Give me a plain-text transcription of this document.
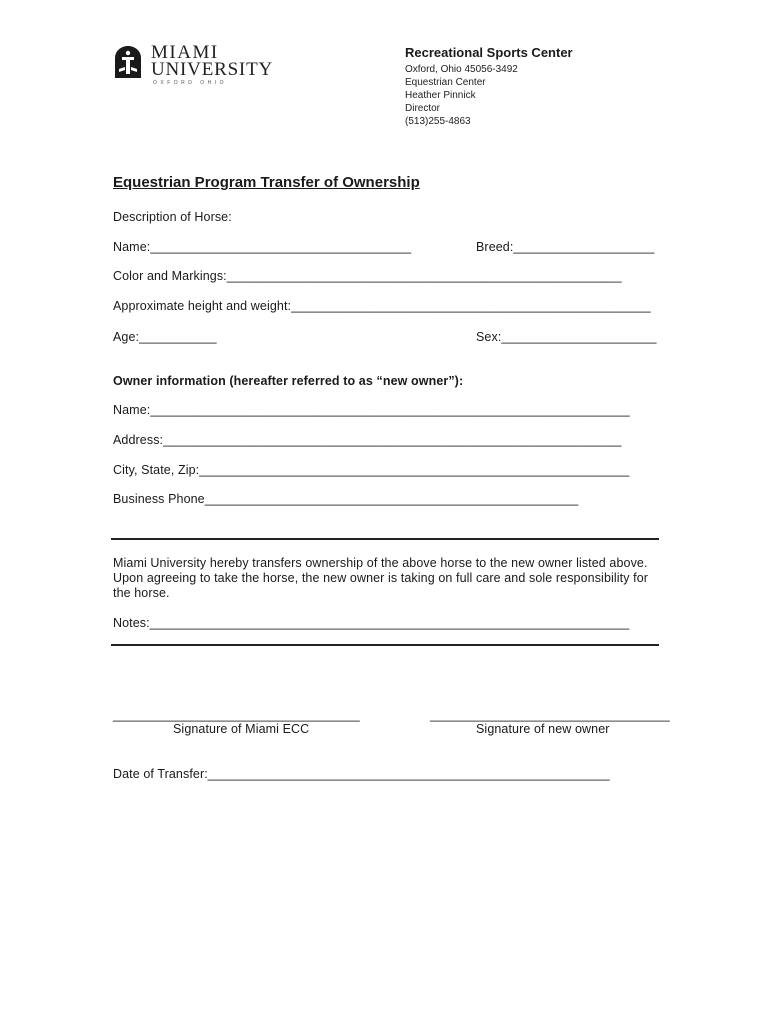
MIAMI
UNIVERSITY
OXFORD OHIO
Recreational Sports Center
Oxford, Ohio 45056-3492
Equestrian Center
Heather Pinnick
Director
(513)255-4863
Equestrian Program Transfer of Ownership
Description of Horse:
Name:_____________________________________	Breed:____________________
Color and Markings:________________________________________________________
Approximate height and weight:___________________________________________________
Age:___________	Sex:______________________
Owner information (hereafter referred to as “new owner”):
Name:____________________________________________________________________
Address:_________________________________________________________________
City, State, Zip:_____________________________________________________________
Business Phone_____________________________________________________
Miami University hereby transfers ownership of the above horse to the new owner listed above.
Upon agreeing to take the horse, the new owner is taking on full care and sole responsibility for
the horse.
Notes:____________________________________________________________________
___________________________________	__________________________________
Signature of Miami ECC	Signature of new owner
Date of Transfer:_________________________________________________________
